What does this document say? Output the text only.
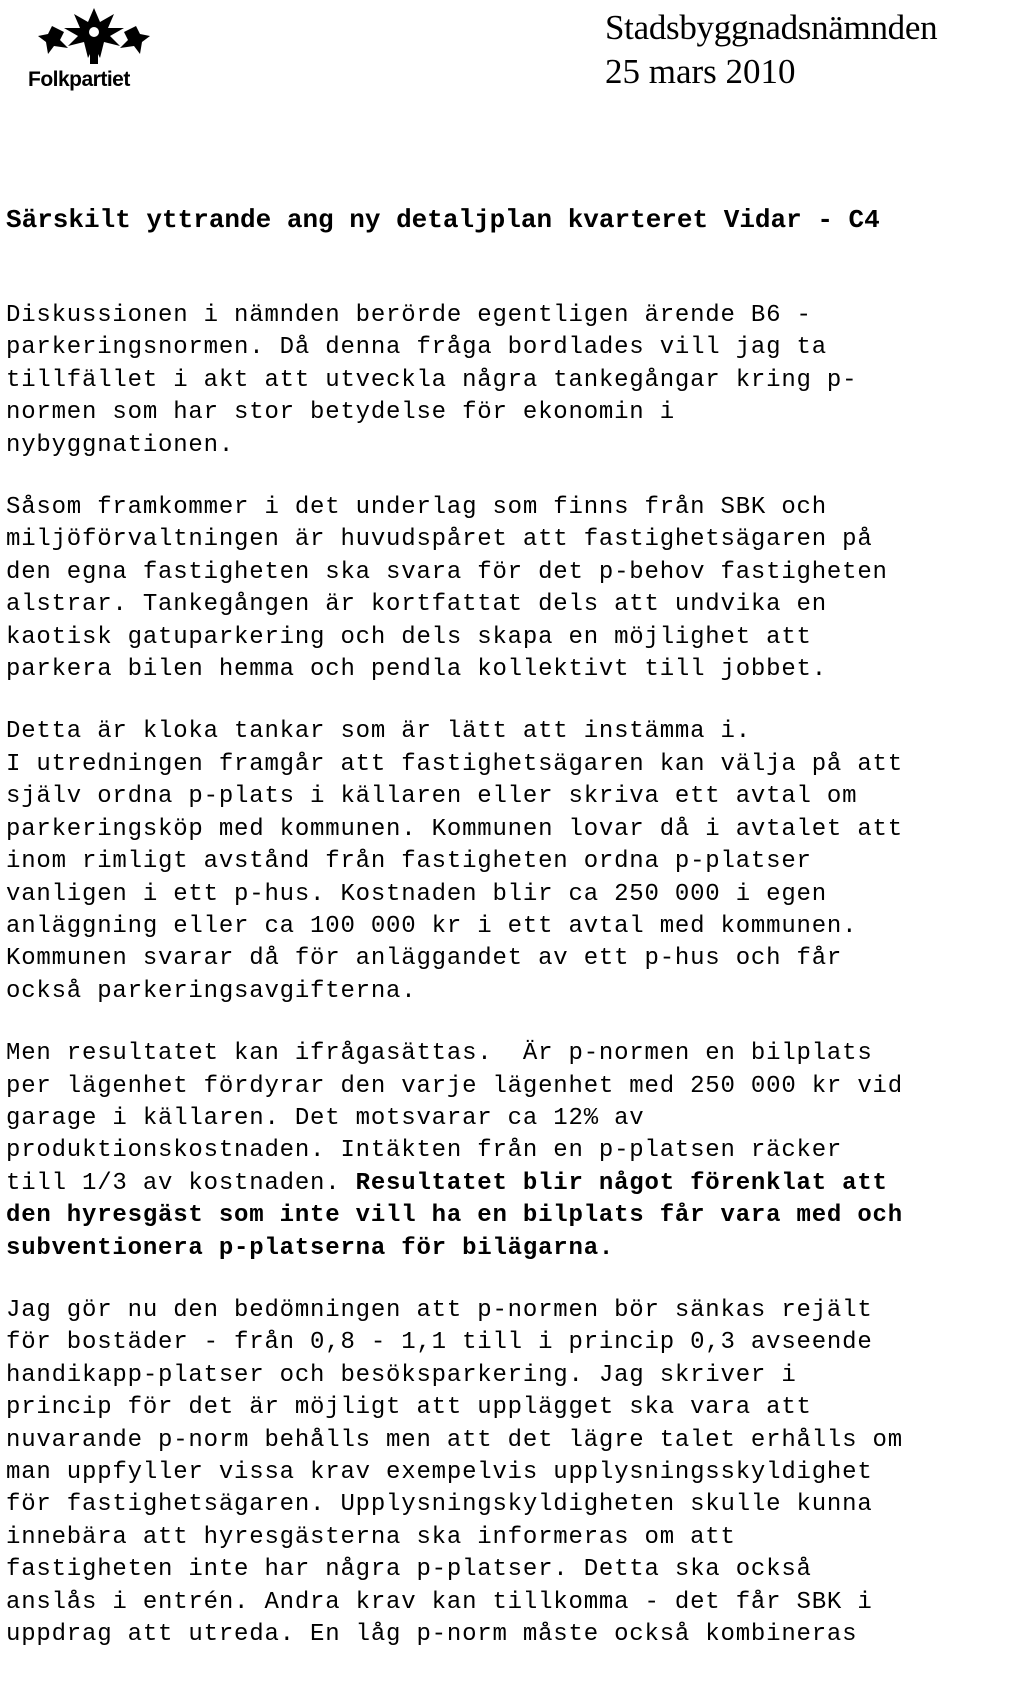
Folkpartiet
Stadsbyggnadsnämnden
25 mars 2010
Särskilt yttrande ang ny detaljplan kvarteret Vidar - C4
Diskussionen i nämnden berörde egentligen ärende B6 -
parkeringsnormen. Då denna fråga bordlades vill jag ta
tillfället i akt att utveckla några tankegångar kring p-
normen som har stor betydelse för ekonomin i
nybyggnationen.
Såsom framkommer i det underlag som finns från SBK och
miljöförvaltningen är huvudspåret att fastighetsägaren på
den egna fastigheten ska svara för det p-behov fastigheten
alstrar. Tankegången är kortfattat dels att undvika en
kaotisk gatuparkering och dels skapa en möjlighet att
parkera bilen hemma och pendla kollektivt till jobbet.
Detta är kloka tankar som är lätt att instämma i.
I utredningen framgår att fastighetsägaren kan välja på att
själv ordna p-plats i källaren eller skriva ett avtal om
parkeringsköp med kommunen. Kommunen lovar då i avtalet att
inom rimligt avstånd från fastigheten ordna p-platser
vanligen i ett p-hus. Kostnaden blir ca 250 000 i egen
anläggning eller ca 100 000 kr i ett avtal med kommunen.
Kommunen svarar då för anläggandet av ett p-hus och får
också parkeringsavgifterna.
Men resultatet kan ifrågasättas.  Är p-normen en bilplats
per lägenhet fördyrar den varje lägenhet med 250 000 kr vid
garage i källaren. Det motsvarar ca 12% av
produktionskostnaden. Intäkten från en p-platsen räcker
till 1/3 av kostnaden. Resultatet blir något förenklat att
den hyresgäst som inte vill ha en bilplats får vara med och
subventionera p-platserna för bilägarna.
Jag gör nu den bedömningen att p-normen bör sänkas rejält
för bostäder - från 0,8 - 1,1 till i princip 0,3 avseende
handikapp-platser och besöksparkering. Jag skriver i
princip för det är möjligt att upplägget ska vara att
nuvarande p-norm behålls men att det lägre talet erhålls om
man uppfyller vissa krav exempelvis upplysningsskyldighet
för fastighetsägaren. Upplysningskyldigheten skulle kunna
innebära att hyresgästerna ska informeras om att
fastigheten inte har några p-platser. Detta ska också
anslås i entrén. Andra krav kan tillkomma - det får SBK i
uppdrag att utreda. En låg p-norm måste också kombineras
